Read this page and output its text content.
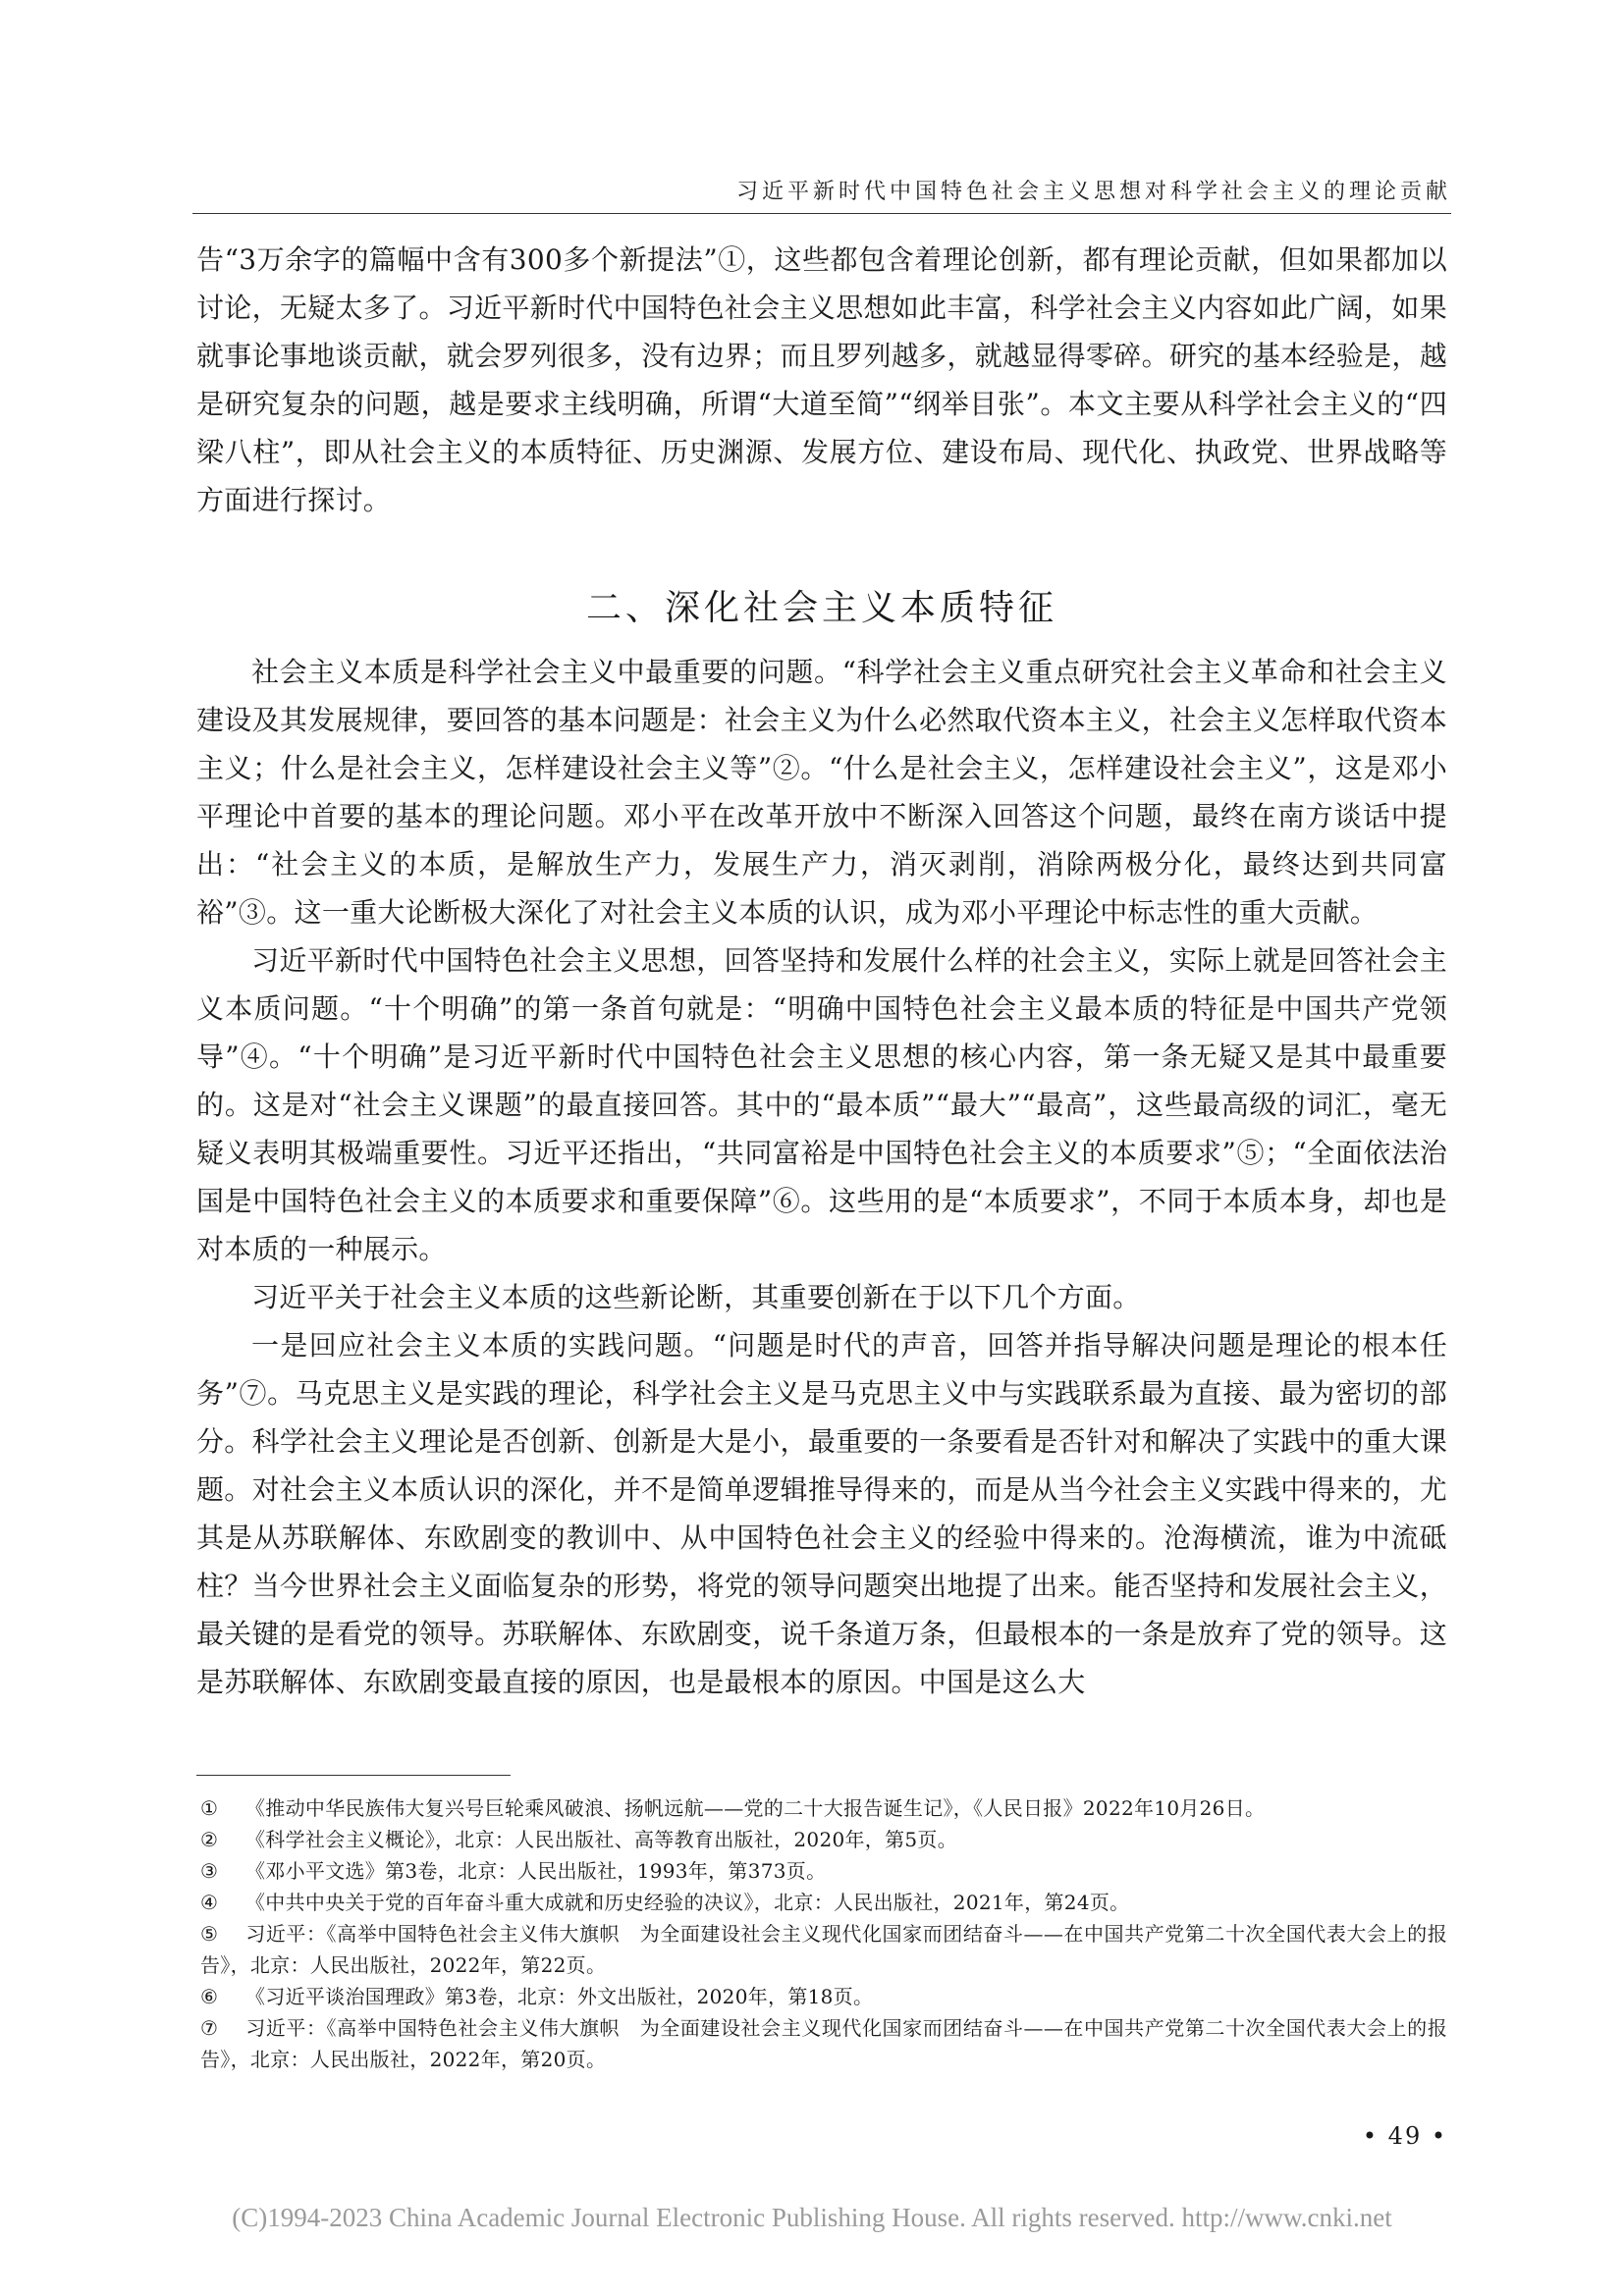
习近平新时代中国特色社会主义思想对科学社会主义的理论贡献

告“3万余字的篇幅中含有300多个新提法”①，这些都包含着理论创新，都有理论贡献，但如果都加以讨论，无疑太多了。习近平新时代中国特色社会主义思想如此丰富，科学社会主义内容如此广阔，如果就事论事地谈贡献，就会罗列很多，没有边界；而且罗列越多，就越显得零碎。研究的基本经验是，越是研究复杂的问题，越是要求主线明确，所谓“大道至简”“纲举目张”。本文主要从科学社会主义的“四梁八柱”，即从社会主义的本质特征、历史渊源、发展方位、建设布局、现代化、执政党、世界战略等方面进行探讨。

二、深化社会主义本质特征

社会主义本质是科学社会主义中最重要的问题。“科学社会主义重点研究社会主义革命和社会主义建设及其发展规律，要回答的基本问题是：社会主义为什么必然取代资本主义，社会主义怎样取代资本主义；什么是社会主义，怎样建设社会主义等”②。“什么是社会主义，怎样建设社会主义”，这是邓小平理论中首要的基本的理论问题。邓小平在改革开放中不断深入回答这个问题，最终在南方谈话中提出：“社会主义的本质，是解放生产力，发展生产力，消灭剥削，消除两极分化，最终达到共同富裕”③。这一重大论断极大深化了对社会主义本质的认识，成为邓小平理论中标志性的重大贡献。

习近平新时代中国特色社会主义思想，回答坚持和发展什么样的社会主义，实际上就是回答社会主义本质问题。“十个明确”的第一条首句就是：“明确中国特色社会主义最本质的特征是中国共产党领导”④。“十个明确”是习近平新时代中国特色社会主义思想的核心内容，第一条无疑又是其中最重要的。这是对“社会主义课题”的最直接回答。其中的“最本质”“最大”“最高”，这些最高级的词汇，毫无疑义表明其极端重要性。习近平还指出，“共同富裕是中国特色社会主义的本质要求”⑤；“全面依法治国是中国特色社会主义的本质要求和重要保障”⑥。这些用的是“本质要求”，不同于本质本身，却也是对本质的一种展示。

习近平关于社会主义本质的这些新论断，其重要创新在于以下几个方面。

一是回应社会主义本质的实践问题。“问题是时代的声音，回答并指导解决问题是理论的根本任务”⑦。马克思主义是实践的理论，科学社会主义是马克思主义中与实践联系最为直接、最为密切的部分。科学社会主义理论是否创新、创新是大是小，最重要的一条要看是否针对和解决了实践中的重大课题。对社会主义本质认识的深化，并不是简单逻辑推导得来的，而是从当今社会主义实践中得来的，尤其是从苏联解体、东欧剧变的教训中、从中国特色社会主义的经验中得来的。沧海横流，谁为中流砥柱？当今世界社会主义面临复杂的形势，将党的领导问题突出地提了出来。能否坚持和发展社会主义，最关键的是看党的领导。苏联解体、东欧剧变，说千条道万条，但最根本的一条是放弃了党的领导。这是苏联解体、东欧剧变最直接的原因，也是最根本的原因。中国是这么大

① 《推动中华民族伟大复兴号巨轮乘风破浪、扬帆远航——党的二十大报告诞生记》，《人民日报》2022年10月26日。

② 《科学社会主义概论》，北京：人民出版社、高等教育出版社，2020年，第5页。

③ 《邓小平文选》第3卷，北京：人民出版社，1993年，第373页。

④ 《中共中央关于党的百年奋斗重大成就和历史经验的决议》，北京：人民出版社，2021年，第24页。

⑤ 习近平：《高举中国特色社会主义伟大旗帜　为全面建设社会主义现代化国家而团结奋斗——在中国共产党第二十次全国代表大会上的报告》，北京：人民出版社，2022年，第22页。

⑥ 《习近平谈治国理政》第3卷，北京：外文出版社，2020年，第18页。

⑦ 习近平：《高举中国特色社会主义伟大旗帜　为全面建设社会主义现代化国家而团结奋斗——在中国共产党第二十次全国代表大会上的报告》，北京：人民出版社，2022年，第20页。

• 49 •
(C)1994-2023 China Academic Journal Electronic Publishing House. All rights reserved. http://www.cnki.net
